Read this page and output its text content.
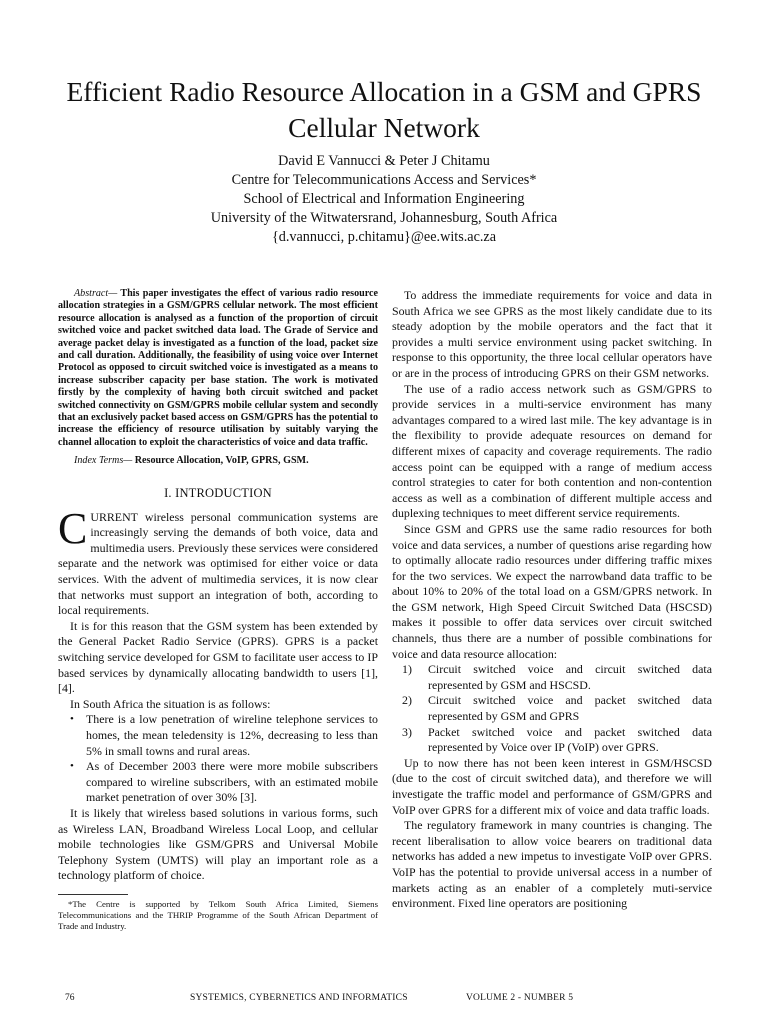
Efficient Radio Resource Allocation in a GSM and GPRS Cellular Network
David E Vannucci & Peter J Chitamu
Centre for Telecommunications Access and Services*
School of Electrical and Information Engineering
University of the Witwatersrand, Johannesburg, South Africa
{d.vannucci, p.chitamu}@ee.wits.ac.za

Abstract— This paper investigates the effect of various radio resource allocation strategies in a GSM/GPRS cellular network. The most efficient resource allocation is analysed as a function of the proportion of circuit switched voice and packet switched data load. The Grade of Service and average packet delay is investigated as a function of the load, packet size and call duration. Additionally, the feasibility of using voice over Internet Protocol as opposed to circuit switched voice is investigated as a means to increase subscriber capacity per base station. The work is motivated firstly by the complexity of having both circuit switched and packet switched connectivity on GSM/GPRS mobile cellular system and secondly that an exclusively packet based access on GSM/GPRS has the potential to increase the efficiency of resource utilisation by suitably varying the channel allocation to exploit the characteristics of voice and data traffic.

Index Terms— Resource Allocation, VoIP, GPRS, GSM.

I. INTRODUCTION

CURRENT wireless personal communication systems are increasingly serving the demands of both voice, data and multimedia users. Previously these services were considered separate and the network was optimised for either voice or data services. With the advent of multimedia services, it is now clear that networks must support an integration of both, according to local requirements.

It is for this reason that the GSM system has been extended by the General Packet Radio Service (GPRS). GPRS is a packet switching service developed for GSM to facilitate user access to IP based services by dynamically allocating bandwidth to users [1],[4].

In South Africa the situation is as follows:

• There is a low penetration of wireline telephone services to homes, the mean teledensity is 12%, decreasing to less than 5% in small towns and rural areas.
• As of December 2003 there were more mobile subscribers compared to wireline subscribers, with an estimated mobile market penetration of over 30% [3].

It is likely that wireless based solutions in various forms, such as Wireless LAN, Broadband Wireless Local Loop, and cellular mobile technologies like GSM/GPRS and Universal Mobile Telephony System (UMTS) will play an important role as a technology platform of choice.

*The Centre is supported by Telkom South Africa Limited, Siemens Telecommunications and the THRIP Programme of the South African Department of Trade and Industry.

To address the immediate requirements for voice and data in South Africa we see GPRS as the most likely candidate due to its steady adoption by the mobile operators and the fact that it provides a multi service environment using packet switching. In response to this opportunity, the three local cellular operators have or are in the process of introducing GPRS on their GSM networks.

The use of a radio access network such as GSM/GPRS to provide services in a multi-service environment has many advantages compared to a wired last mile. The key advantage is in the flexibility to provide adequate resources on demand for different mixes of capacity and coverage requirements. The radio access point can be equipped with a range of medium access control strategies to cater for both contention and non-contention access as well as a combination of different multiple access and duplexing techniques to meet different service requirements.

Since GSM and GPRS use the same radio resources for both voice and data services, a number of questions arise regarding how to optimally allocate radio resources under differing traffic mixes for the two services. We expect the narrowband data traffic to be about 10% to 20% of the total load on a GSM/GPRS network. In the GSM network, High Speed Circuit Switched Data (HSCSD) makes it possible to offer data services over circuit switched channels, thus there are a number of possible combinations for voice and data resource allocation:

1) Circuit switched voice and circuit switched data represented by GSM and HSCSD.
2) Circuit switched voice and packet switched data represented by GSM and GPRS
3) Packet switched voice and packet switched data represented by Voice over IP (VoIP) over GPRS.

Up to now there has not been keen interest in GSM/HSCSD (due to the cost of circuit switched data), and therefore we will investigate the traffic model and performance of GSM/GPRS and VoIP over GPRS for a different mix of voice and data traffic loads.

The regulatory framework in many countries is changing. The recent liberalisation to allow voice bearers on traditional data networks has added a new impetus to investigate VoIP over GPRS. VoIP has the potential to provide universal access in a number of markets acting as an enabler of a completely muti-service environment. Fixed line operators are positioning

76	SYSTEMICS, CYBERNETICS AND INFORMATICS	VOLUME 2 - NUMBER 5
